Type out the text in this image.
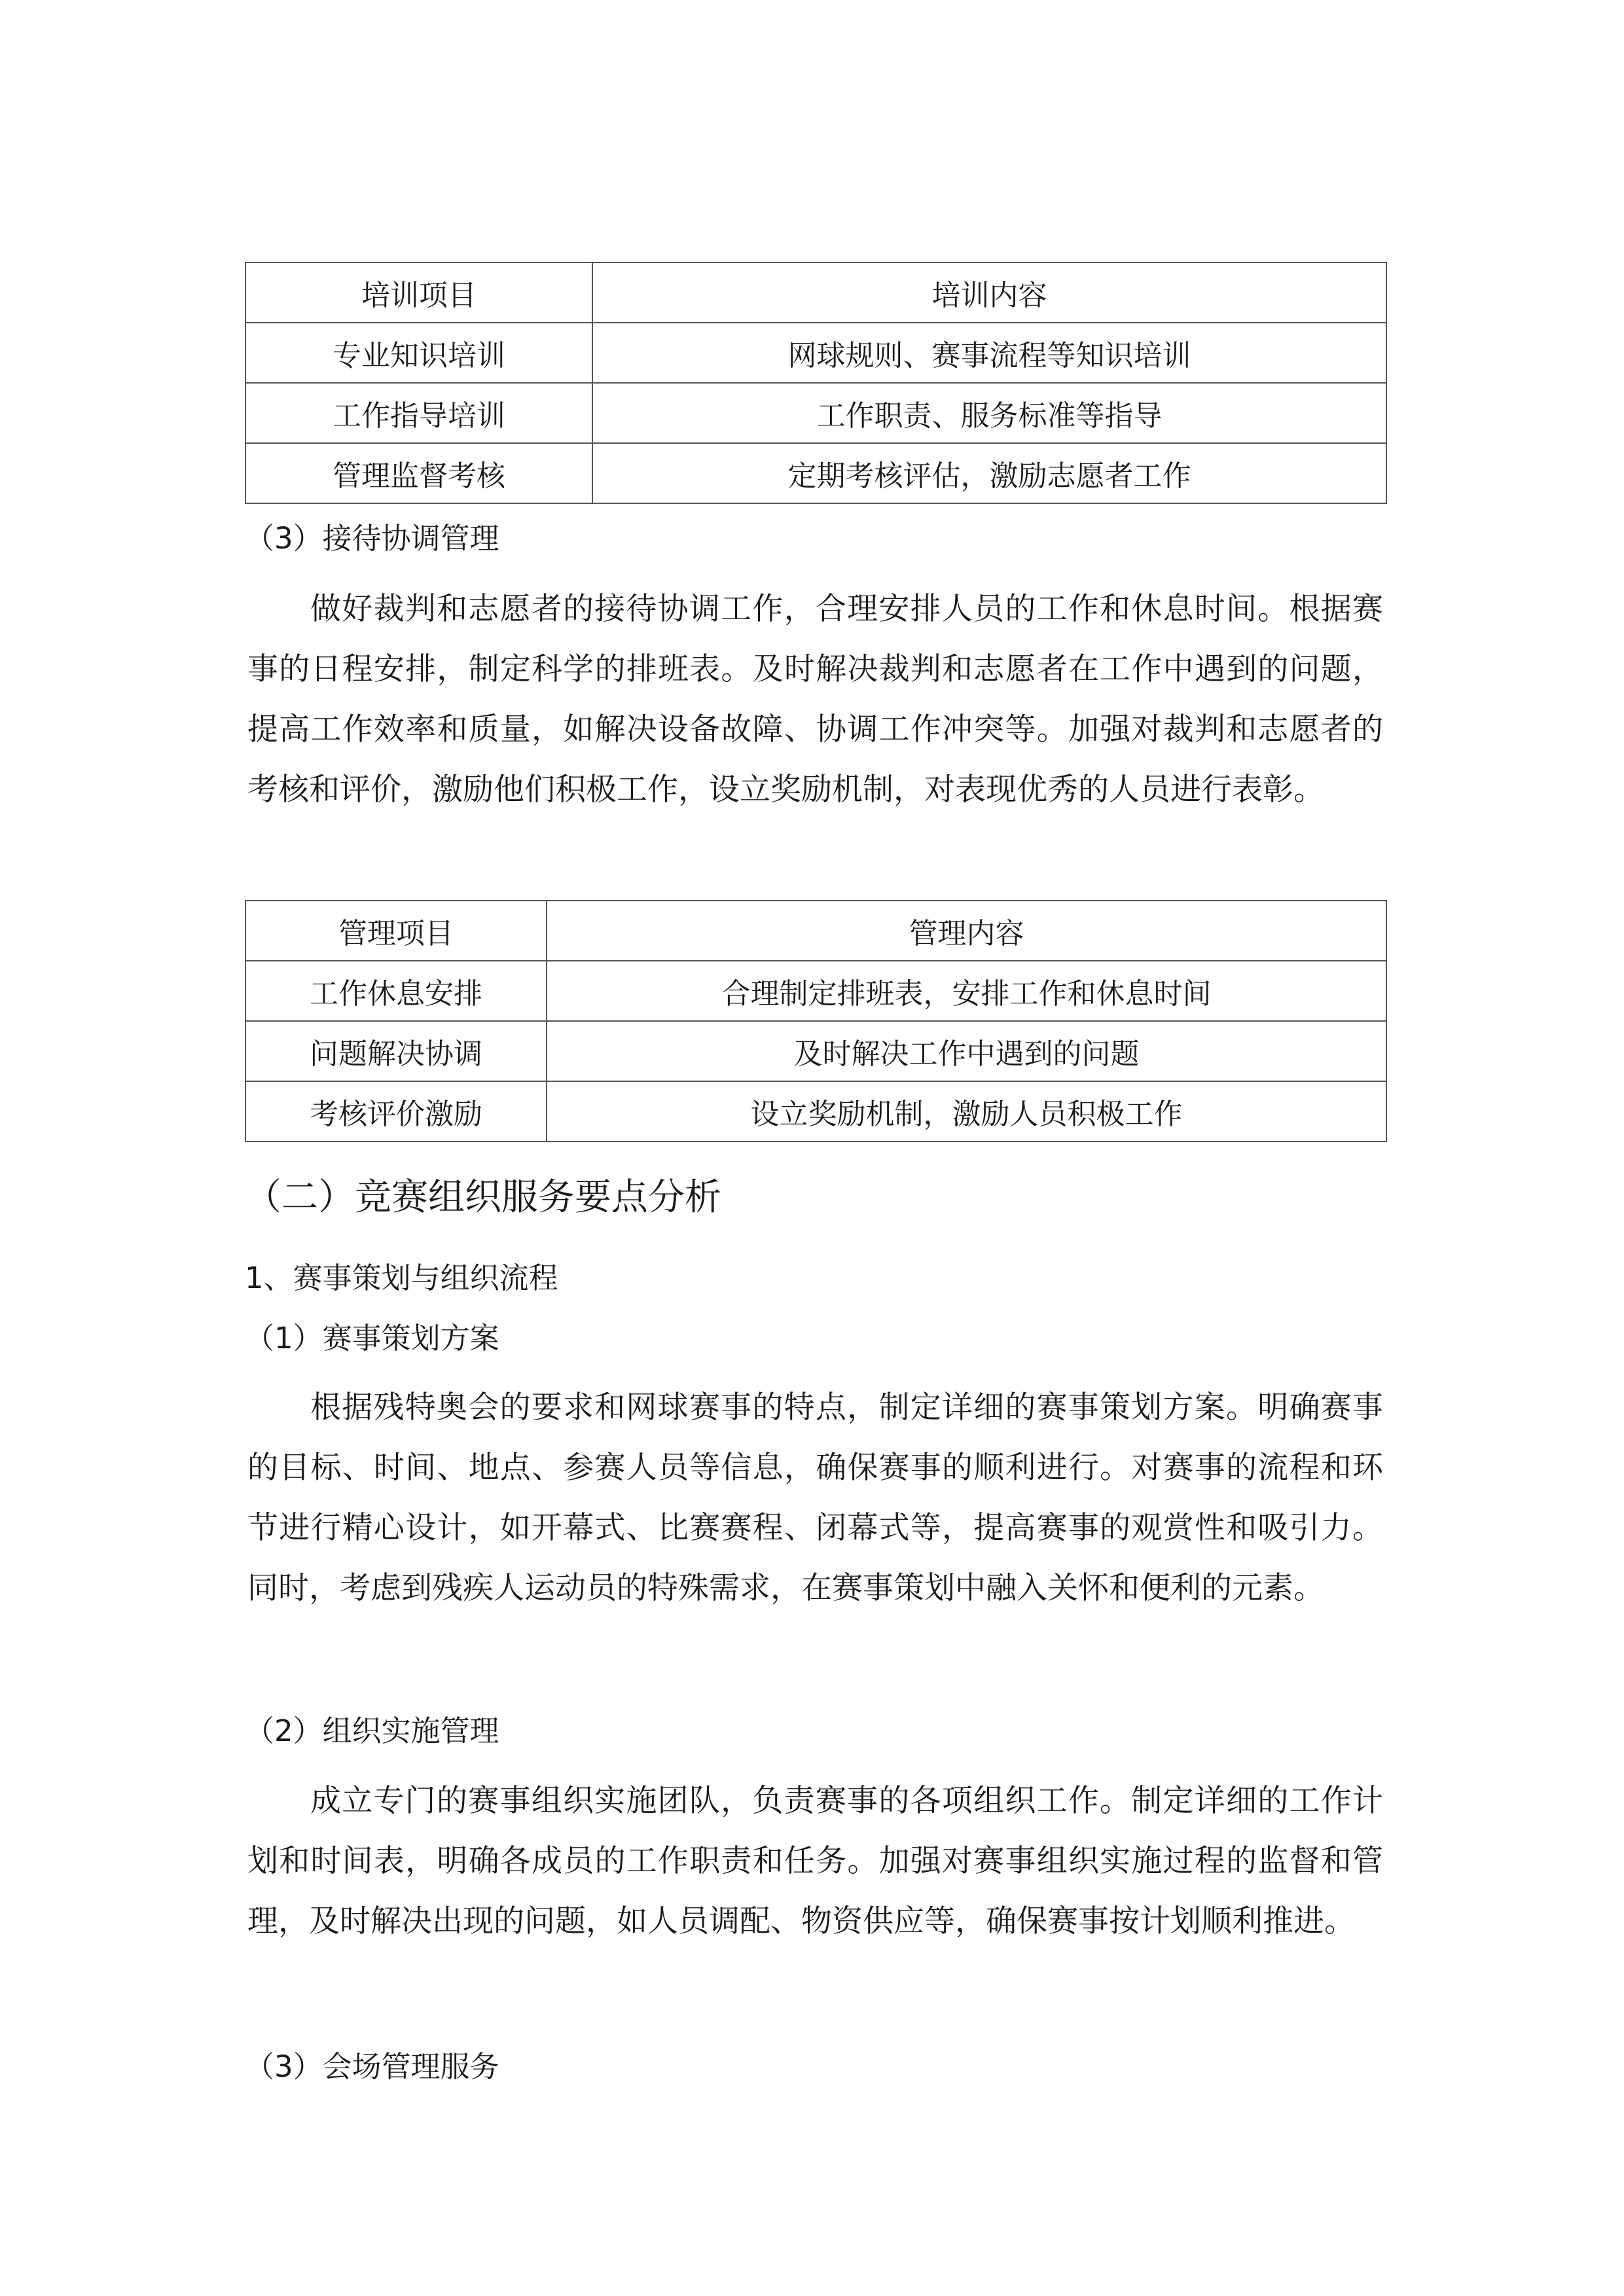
培训项目	培训内容
专业知识培训	网球规则、赛事流程等知识培训
工作指导培训	工作职责、服务标准等指导
管理监督考核	定期考核评估，激励志愿者工作
（3）接待协调管理

做好裁判和志愿者的接待协调工作，合理安排人员的工作和休息时间。根据赛事的日程安排，制定科学的排班表。及时解决裁判和志愿者在工作中遇到的问题，提高工作效率和质量，如解决设备故障、协调工作冲突等。加强对裁判和志愿者的考核和评价，激励他们积极工作，设立奖励机制，对表现优秀的人员进行表彰。

管理项目	管理内容
工作休息安排	合理制定排班表，安排工作和休息时间
问题解决协调	及时解决工作中遇到的问题
考核评价激励	设立奖励机制，激励人员积极工作
（二）竞赛组织服务要点分析
1、赛事策划与组织流程
（1）赛事策划方案

根据残特奥会的要求和网球赛事的特点，制定详细的赛事策划方案。明确赛事的目标、时间、地点、参赛人员等信息，确保赛事的顺利进行。对赛事的流程和环节进行精心设计，如开幕式、比赛赛程、闭幕式等，提高赛事的观赏性和吸引力。同时，考虑到残疾人运动员的特殊需求，在赛事策划中融入关怀和便利的元素。

（2）组织实施管理

成立专门的赛事组织实施团队，负责赛事的各项组织工作。制定详细的工作计划和时间表，明确各成员的工作职责和任务。加强对赛事组织实施过程的监督和管理，及时解决出现的问题，如人员调配、物资供应等，确保赛事按计划顺利推进。

（3）会场管理服务
